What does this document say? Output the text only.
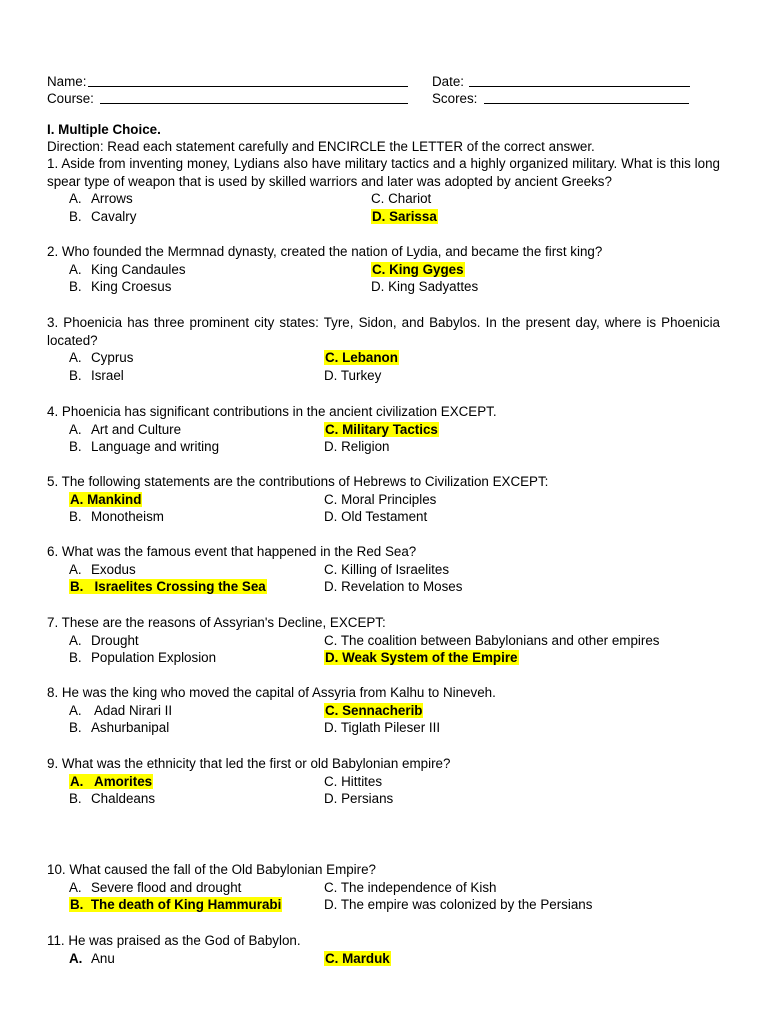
Name:	Date:
Course:	Scores:
I. Multiple Choice.
Direction: Read each statement carefully and ENCIRCLE the LETTER of the correct answer.
1. Aside from inventing money, Lydians also have military tactics and a highly organized military. What is this long spear type of weapon that is used by skilled warriors and later was adopted by ancient Greeks?
A. Arrows
B. Cavalry
C. Chariot
D. Sarissa
2. Who founded the Mermnad dynasty, created the nation of Lydia, and became the first king?
A. King Candaules
B. King Croesus
C. King Gyges
D. King Sadyattes
3. Phoenicia has three prominent city states: Tyre, Sidon, and Babylos. In the present day, where is Phoenicia located?
A. Cyprus
B. Israel
C. Lebanon
D. Turkey
4. Phoenicia has significant contributions in the ancient civilization EXCEPT.
A. Art and Culture
B. Language and writing
C. Military Tactics
D. Religion
5. The following statements are the contributions of Hebrews to Civilization EXCEPT:
A. Mankind
B. Monotheism
C. Moral Principles
D. Old Testament
6. What was the famous event that happened in the Red Sea?
A. Exodus
B.   Israelites Crossing the Sea
C. Killing of Israelites
D. Revelation to Moses
7. These are the reasons of Assyrian's Decline, EXCEPT:
A. Drought
B. Population Explosion
C. The coalition between Babylonians and other empires
D. Weak System of the Empire
8. He was the king who moved the capital of Assyria from Kalhu to Nineveh.
A. Adad Nirari II
B. Ashurbanipal
C. Sennacherib
D. Tiglath Pileser III
9. What was the ethnicity that led the first or old Babylonian empire?
A.   Amorites
B. Chaldeans
C. Hittites
D. Persians
10. What caused the fall of the Old Babylonian Empire?
A. Severe flood and drought
B.  The death of King Hammurabi
C. The independence of Kish
D. The empire was colonized by the Persians
11. He was praised as the God of Babylon.
A. Anu	C. Marduk
